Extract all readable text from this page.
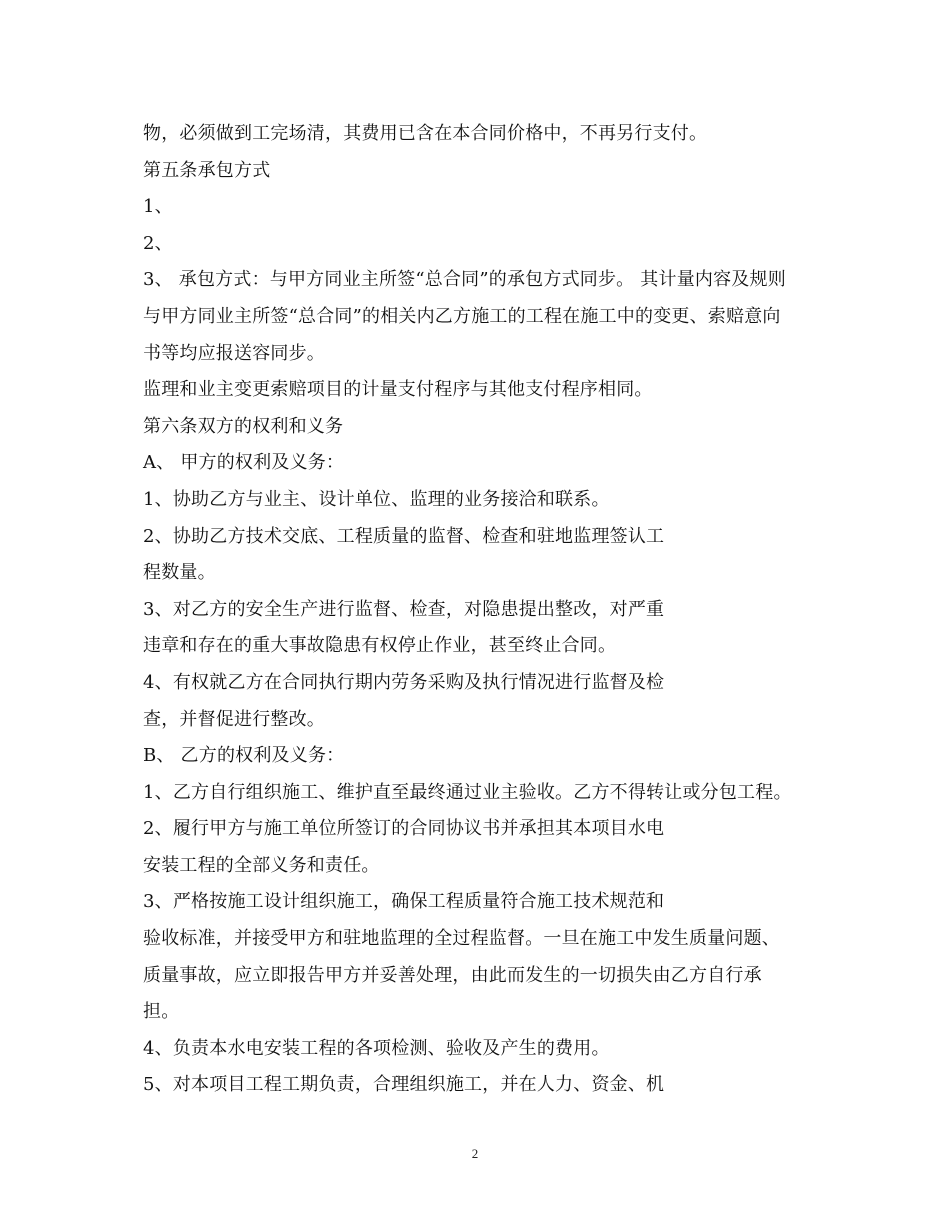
物，必须做到工完场清，其费用已含在本合同价格中，不再另行支付。
第五条承包方式
1、
2、
3、 承包方式：与甲方同业主所签“总合同”的承包方式同步。 其计量内容及规则
与甲方同业主所签“总合同”的相关内乙方施工的工程在施工中的变更、索赔意向
书等均应报送容同步。
监理和业主变更索赔项目的计量支付程序与其他支付程序相同。
第六条双方的权利和义务
A、 甲方的权利及义务：
1、协助乙方与业主、设计单位、监理的业务接洽和联系。
2、协助乙方技术交底、工程质量的监督、检查和驻地监理签认工
程数量。
3、对乙方的安全生产进行监督、检查，对隐患提出整改，对严重
违章和存在的重大事故隐患有权停止作业，甚至终止合同。
4、有权就乙方在合同执行期内劳务采购及执行情况进行监督及检
查，并督促进行整改。
B、 乙方的权利及义务：
1、乙方自行组织施工、维护直至最终通过业主验收。乙方不得转让或分包工程。
2、履行甲方与施工单位所签订的合同协议书并承担其本项目水电
安装工程的全部义务和责任。
3、严格按施工设计组织施工，确保工程质量符合施工技术规范和
验收标准，并接受甲方和驻地监理的全过程监督。一旦在施工中发生质量问题、
质量事故，应立即报告甲方并妥善处理，由此而发生的一切损失由乙方自行承
担。
4、负责本水电安装工程的各项检测、验收及产生的费用。
5、对本项目工程工期负责，合理组织施工，并在人力、资金、机
2
